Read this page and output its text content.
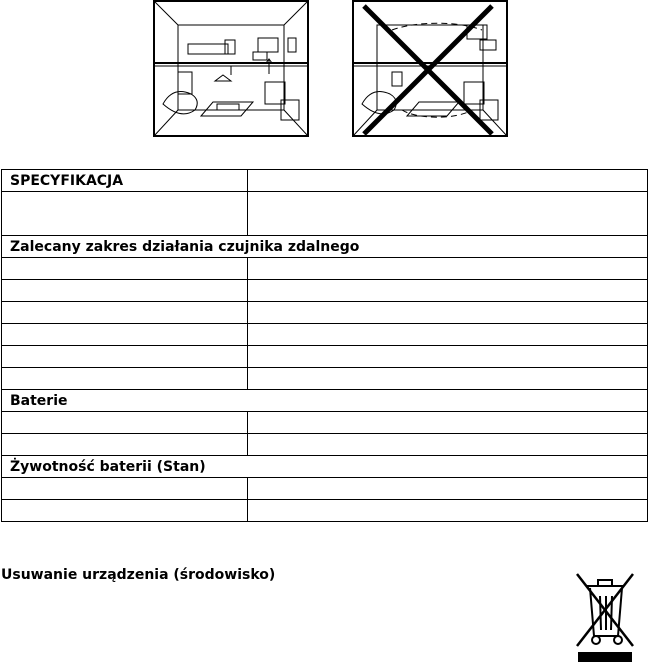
SPECYFIKACJA	

Zalecany zakres działania czujnika zdalnego	

Baterie	

Żywotność baterii (Stan)	

Usuwanie urządzenia (środowisko)
